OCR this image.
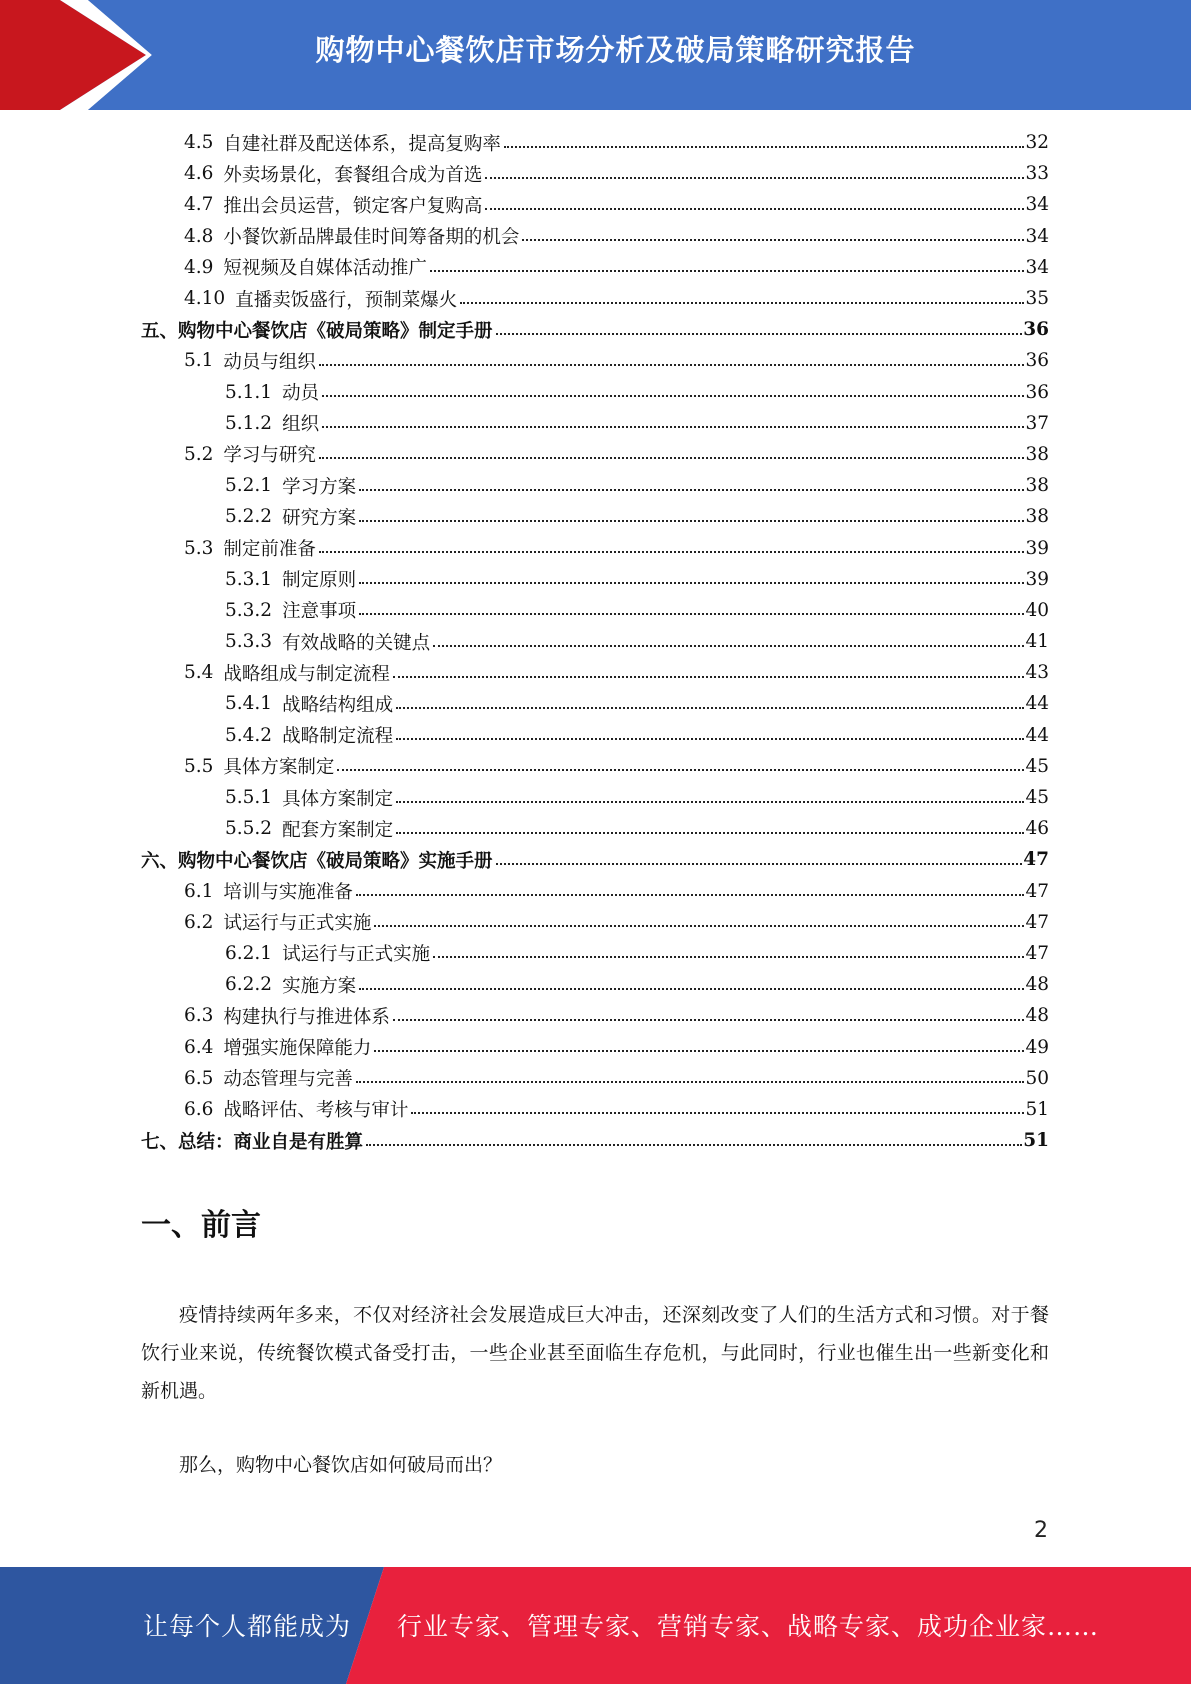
购物中心餐饮店市场分析及破局策略研究报告
4.5 自建社群及配送体系，提高复购率	32
4.6 外卖场景化，套餐组合成为首选	33
4.7 推出会员运营，锁定客户复购高	34
4.8 小餐饮新品牌最佳时间筹备期的机会	34
4.9 短视频及自媒体活动推广	34
4.10 直播卖饭盛行，预制菜爆火	35
五、 购物中心餐饮店《破局策略》制定手册	36
5.1 动员与组织	36
5.1.1 动员	36
5.1.2 组织	37
5.2 学习与研究	38
5.2.1 学习方案	38
5.2.2 研究方案	38
5.3 制定前准备	39
5.3.1 制定原则	39
5.3.2 注意事项	40
5.3.3 有效战略的关键点	41
5.4 战略组成与制定流程	43
5.4.1 战略结构组成	44
5.4.2 战略制定流程	44
5.5 具体方案制定	45
5.5.1 具体方案制定	45
5.5.2 配套方案制定	46
六、 购物中心餐饮店《破局策略》实施手册	47
6.1 培训与实施准备	47
6.2 试运行与正式实施	47
6.2.1 试运行与正式实施	47
6.2.2 实施方案	48
6.3 构建执行与推进体系	48
6.4 增强实施保障能力	49
6.5 动态管理与完善	50
6.6 战略评估、考核与审计	51
七、 总结：商业自是有胜算	51
一、前言
疫情持续两年多来，不仅对经济社会发展造成巨大冲击，还深刻改变了人们的生活方式和习惯。对于餐饮行业来说，传统餐饮模式备受打击，一些企业甚至面临生存危机，与此同时，行业也催生出一些新变化和新机遇。
那么，购物中心餐饮店如何破局而出？
2
让每个人都能成为 行业专家、管理专家、营销专家、战略专家、成功企业家……
